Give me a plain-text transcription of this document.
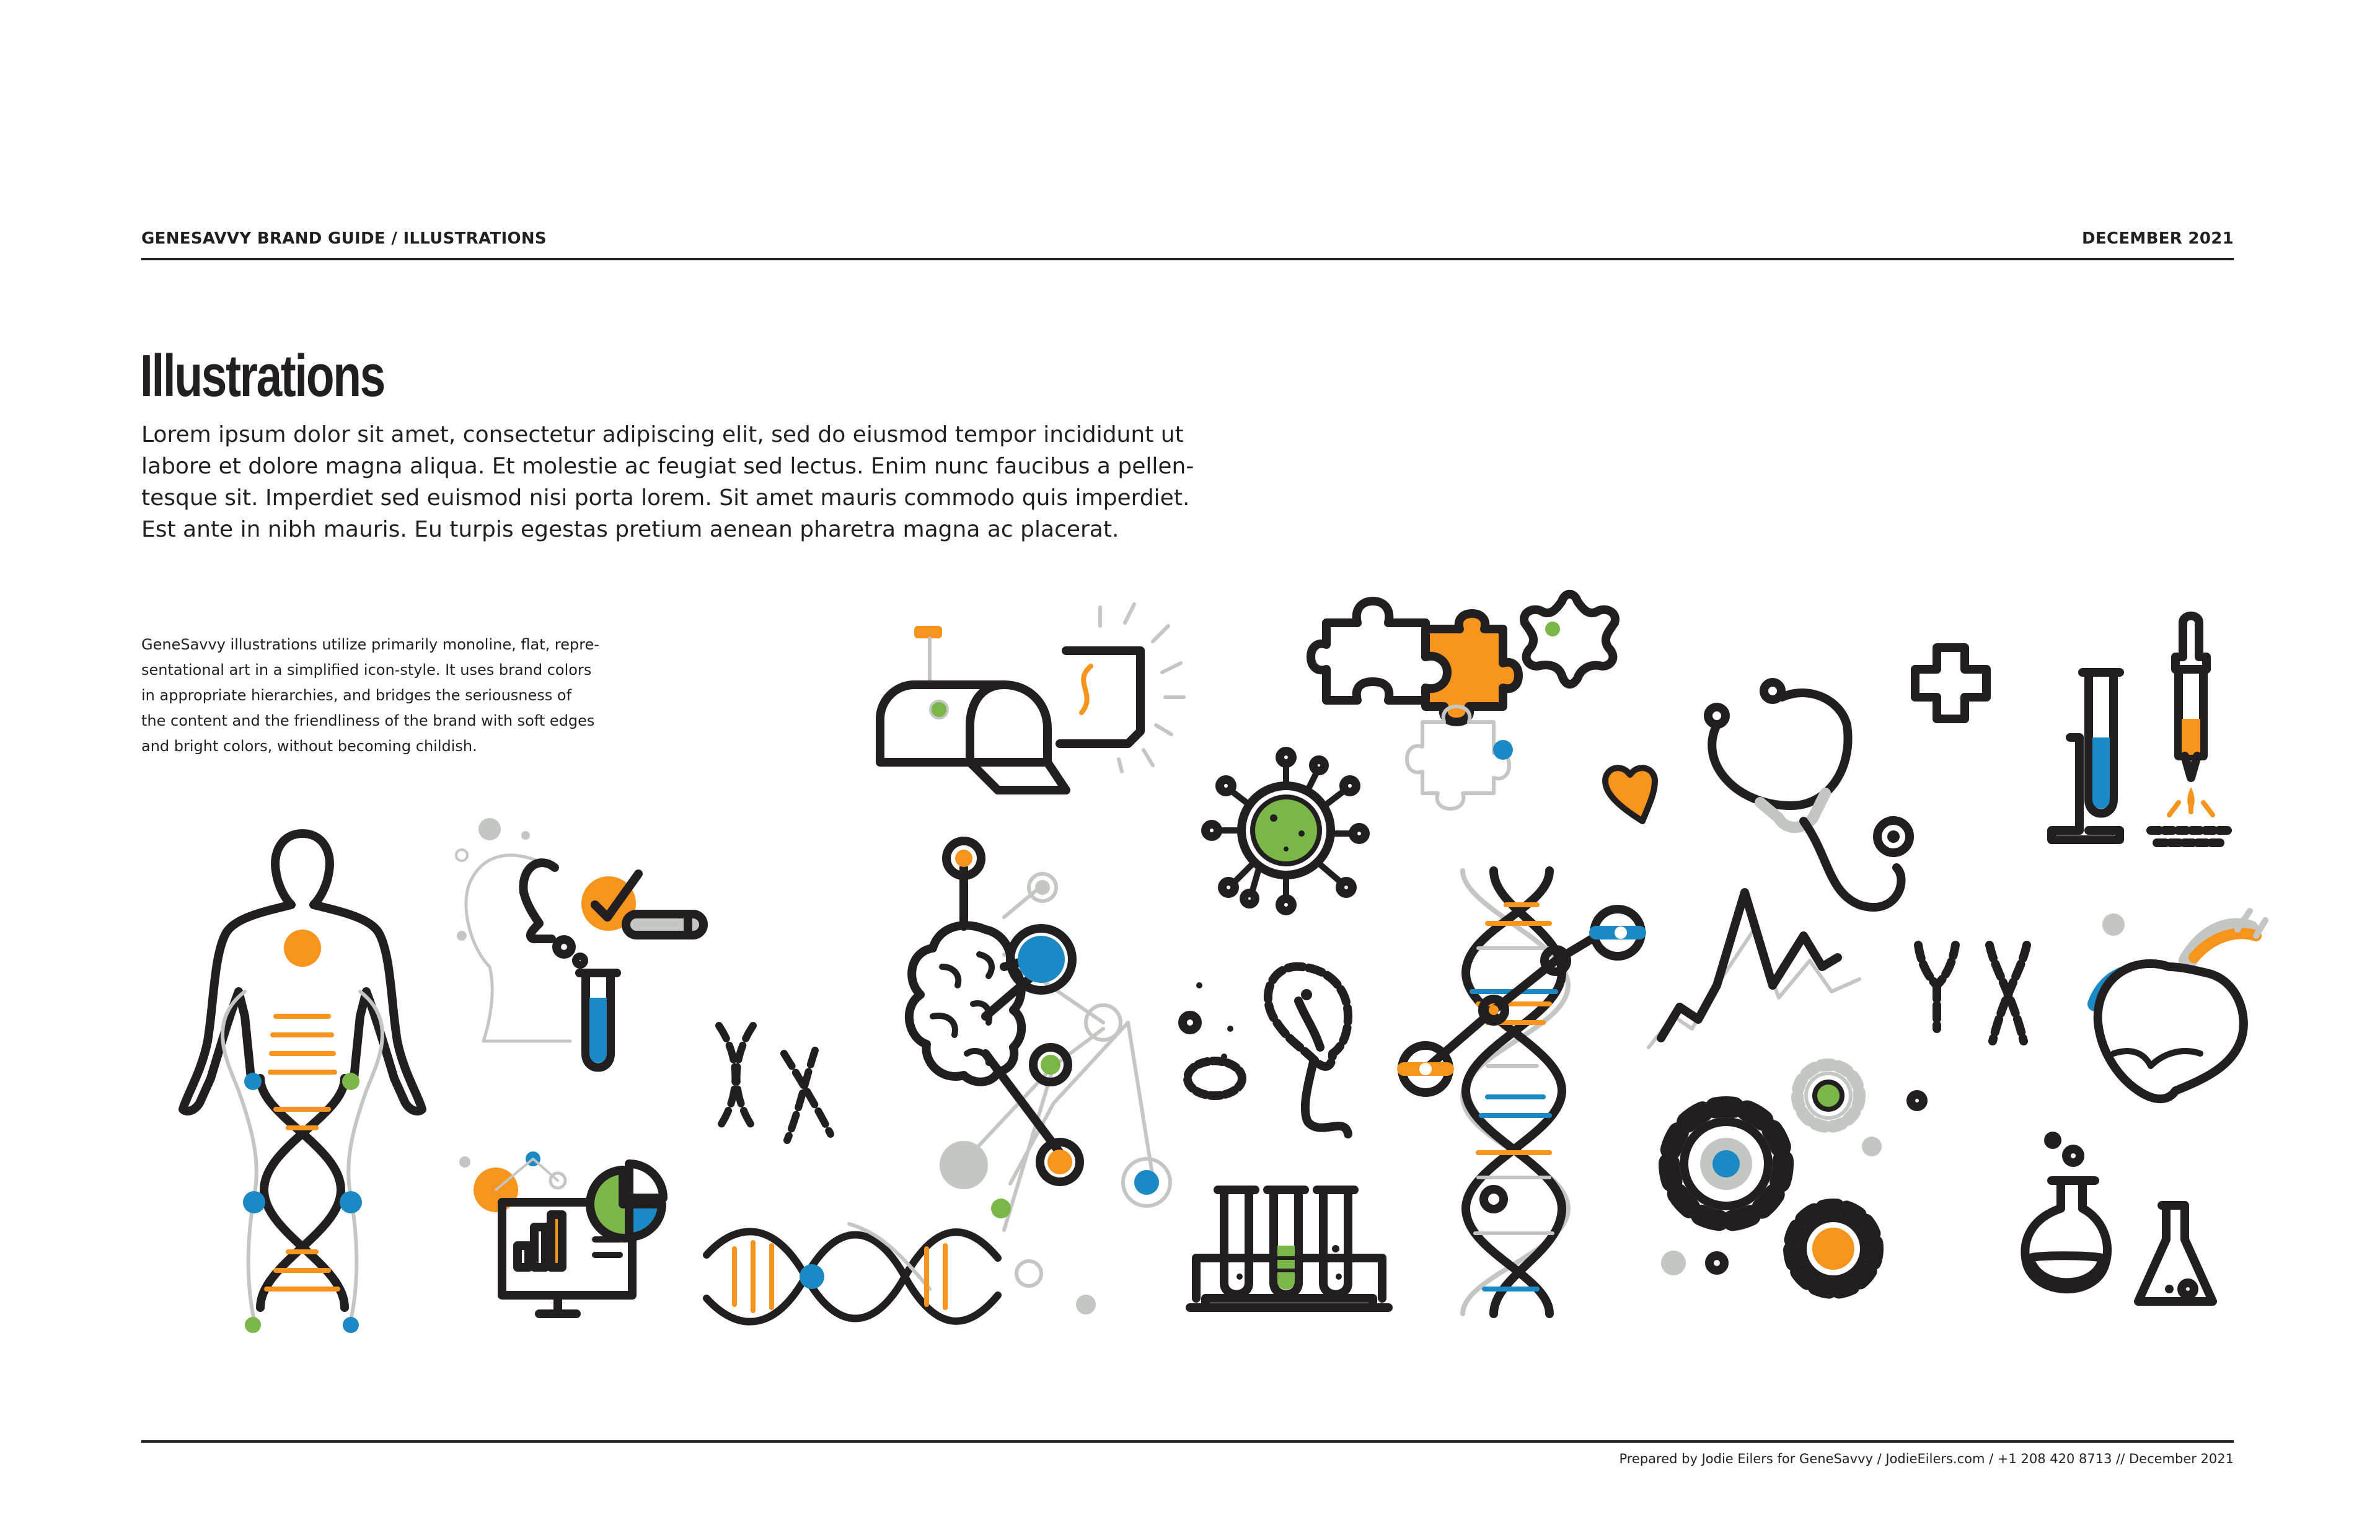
GENESAVVY BRAND GUIDE / ILLUSTRATIONS	DECEMBER 2021
Illustrations
Lorem ipsum dolor sit amet, consectetur adipiscing elit, sed do eiusmod tempor incididunt ut
labore et dolore magna aliqua. Et molestie ac feugiat sed lectus. Enim nunc faucibus a pellen-
tesque sit. Imperdiet sed euismod nisi porta lorem. Sit amet mauris commodo quis imperdiet.
Est ante in nibh mauris. Eu turpis egestas pretium aenean pharetra magna ac placerat.
GeneSavvy illustrations utilize primarily monoline, flat, repre-
sentational art in a simplified icon-style. It uses brand colors
in appropriate hierarchies, and bridges the seriousness of
the content and the friendliness of the brand with soft edges
and bright colors, without becoming childish.
Prepared by Jodie Eilers for GeneSavvy / JodieEilers.com / +1 208 420 8713 // December 2021
